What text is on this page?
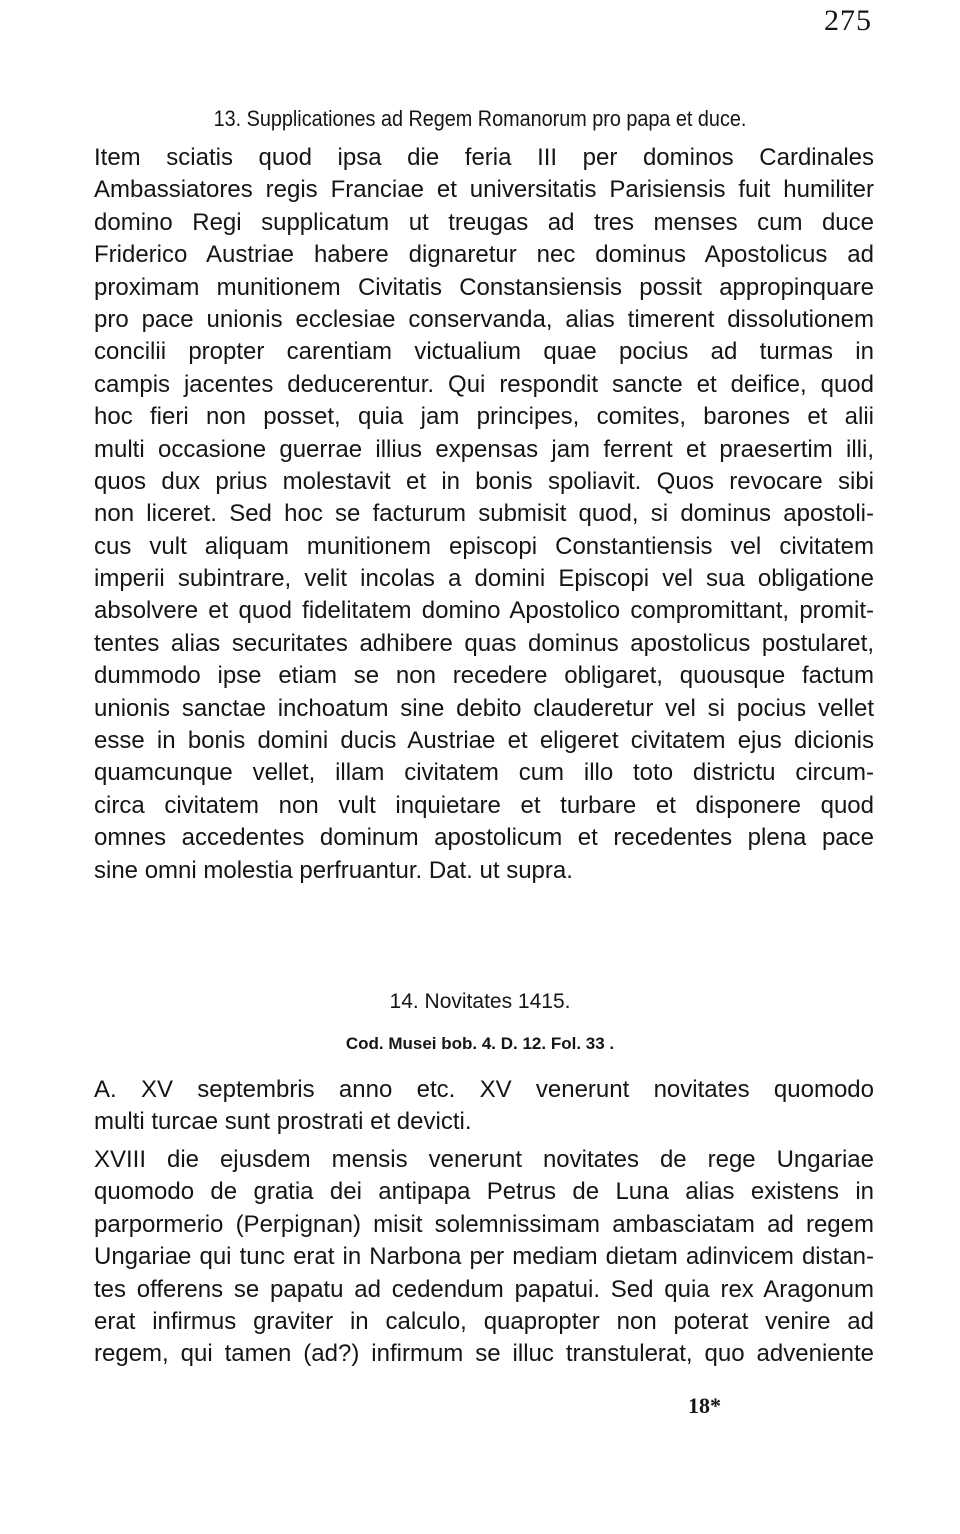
275
13. Supplicationes ad Regem Romanorum pro papa et duce.
Item sciatis quod ipsa die feria III per dominos Cardinales
Ambassiatores regis Franciae et universitatis Parisiensis fuit humiliter
domino Regi supplicatum ut treugas ad tres menses cum duce
Friderico Austriae habere dignaretur nec dominus Apostolicus ad
proximam munitionem Civitatis Constansiensis possit appropinquare
pro pace unionis ecclesiae conservanda, alias timerent dissolutionem
concilii propter carentiam victualium quae pocius ad turmas in
campis jacentes deducerentur. Qui respondit sancte et deifice, quod
hoc fieri non posset, quia jam principes, comites, barones et alii
multi occasione guerrae illius expensas jam ferrent et praesertim illi,
quos dux prius molestavit et in bonis spoliavit. Quos revocare sibi
non liceret. Sed hoc se facturum submisit quod, si dominus apostoli-
cus vult aliquam munitionem episcopi Constantiensis vel civitatem
imperii subintrare, velit incolas a domini Episcopi vel sua obligatione
absolvere et quod fidelitatem domino Apostolico compromittant, promit-
tentes alias securitates adhibere quas dominus apostolicus postularet,
dummodo ipse etiam se non recedere obligaret, quousque factum
unionis sanctae inchoatum sine debito clauderetur vel si pocius vellet
esse in bonis domini ducis Austriae et eligeret civitatem ejus dicionis
quamcunque vellet, illam civitatem cum illo toto districtu circum-
circa civitatem non vult inquietare et turbare et disponere quod
omnes accedentes dominum apostolicum et recedentes plena pace
sine omni molestia perfruantur. Dat. ut supra.
14. Novitates 1415.
Cod. Musei bob. 4. D. 12. Fol. 33 .
A. XV septembris anno etc. XV venerunt novitates quomodo
multi turcae sunt prostrati et devicti.
XVIII die ejusdem mensis venerunt novitates de rege Ungariae
quomodo de gratia dei antipapa Petrus de Luna alias existens in
parpormerio (Perpignan) misit solemnissimam ambasciatam ad regem
Ungariae qui tunc erat in Narbona per mediam dietam adinvicem distan-
tes offerens se papatu ad cedendum papatui. Sed quia rex Aragonum
erat infirmus graviter in calculo, quapropter non poterat venire ad
regem, qui tamen (ad?) infirmum se illuc transtulerat, quo adveniente
18*
